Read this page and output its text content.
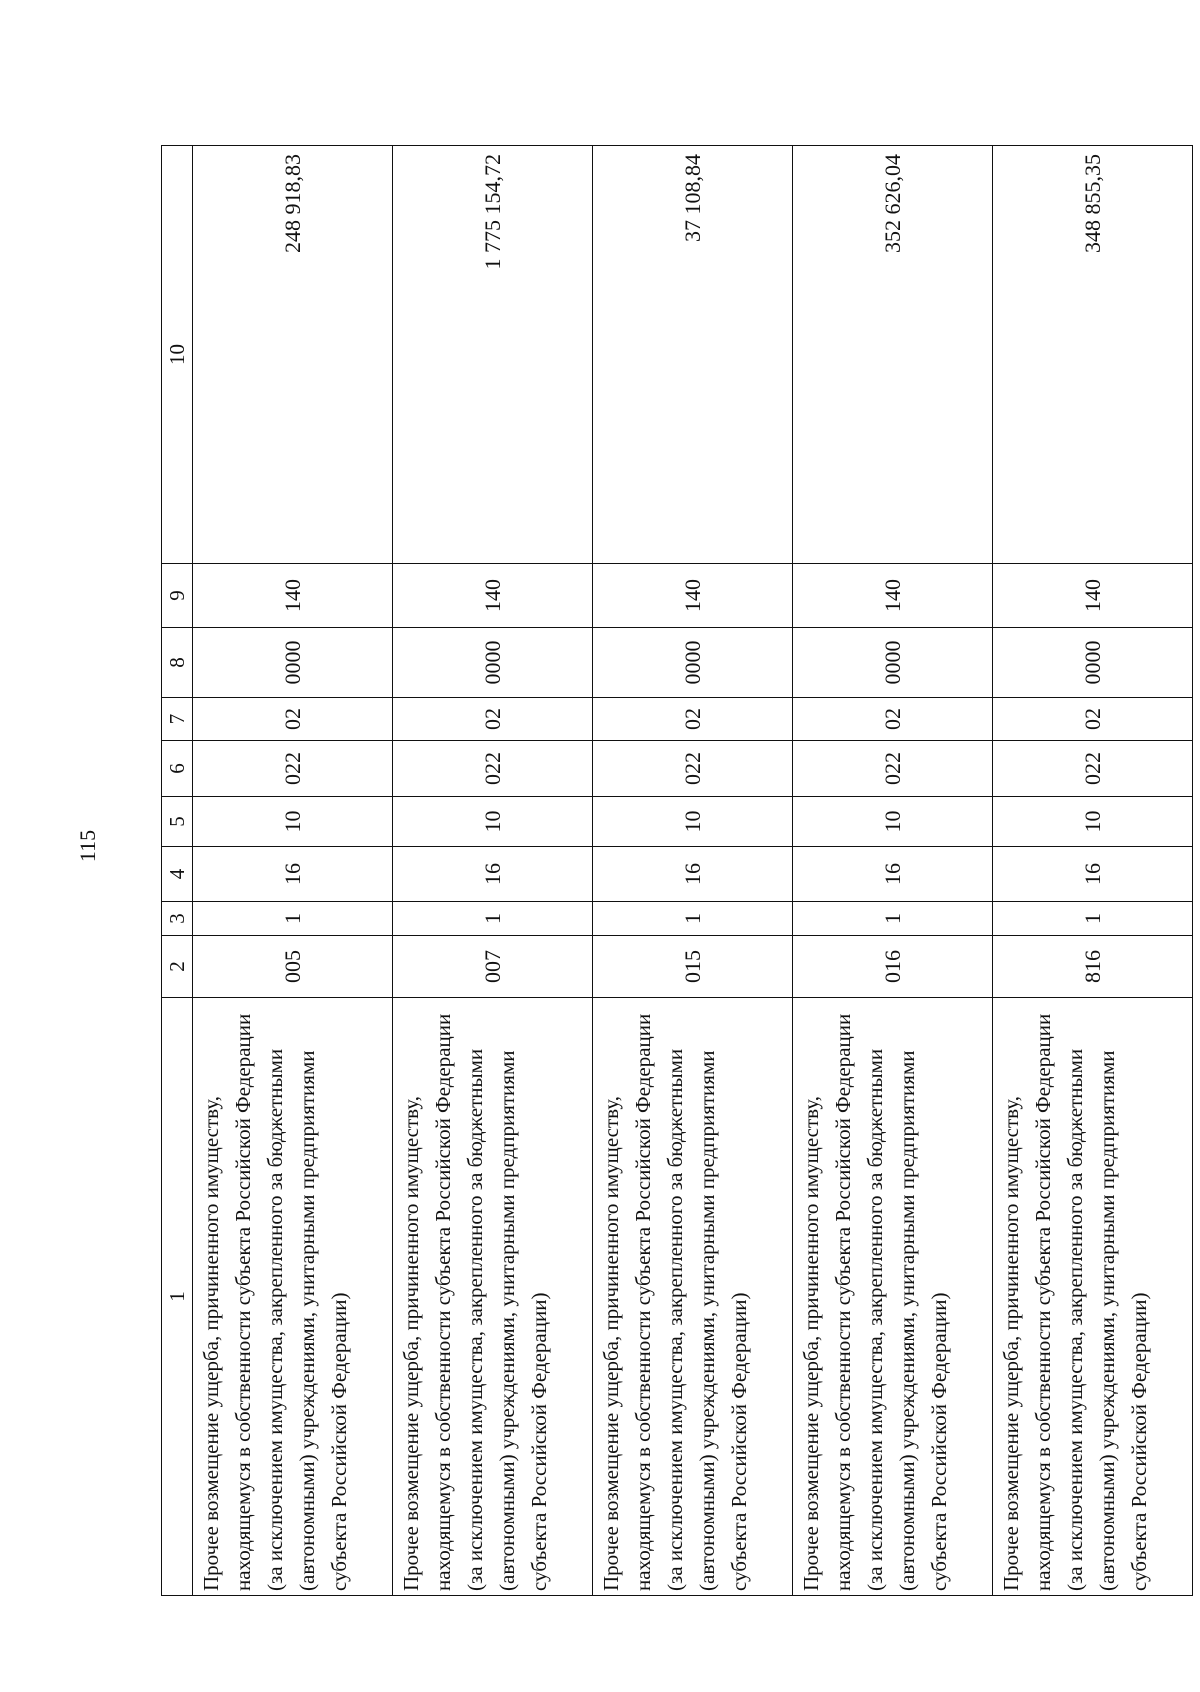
115
1	2	3	4	5	6	7	8	9	10

Прочее возмещение ущерба, причиненного имуществу, находящемуся в собственности субъекта Российской Федерации (за исключением имущества, закрепленного за бюджетными (автономными) учреждениями, унитарными предприятиями субъекта Российской Федерации)	005	1	16	10	022	02	0000	140	248 918,83

Прочее возмещение ущерба, причиненного имуществу, находящемуся в собственности субъекта Российской Федерации (за исключением имущества, закрепленного за бюджетными (автономными) учреждениями, унитарными предприятиями субъекта Российской Федерации)	007	1	16	10	022	02	0000	140	1 775 154,72

Прочее возмещение ущерба, причиненного имуществу, находящемуся в собственности субъекта Российской Федерации (за исключением имущества, закрепленного за бюджетными (автономными) учреждениями, унитарными предприятиями субъекта Российской Федерации)	015	1	16	10	022	02	0000	140	37 108,84

Прочее возмещение ущерба, причиненного имуществу, находящемуся в собственности субъекта Российской Федерации (за исключением имущества, закрепленного за бюджетными (автономными) учреждениями, унитарными предприятиями субъекта Российской Федерации)	016	1	16	10	022	02	0000	140	352 626,04

Прочее возмещение ущерба, причиненного имуществу, находящемуся в собственности субъекта Российской Федерации (за исключением имущества, закрепленного за бюджетными (автономными) учреждениями, унитарными предприятиями субъекта Российской Федерации)	816	1	16	10	022	02	0000	140	348 855,35
